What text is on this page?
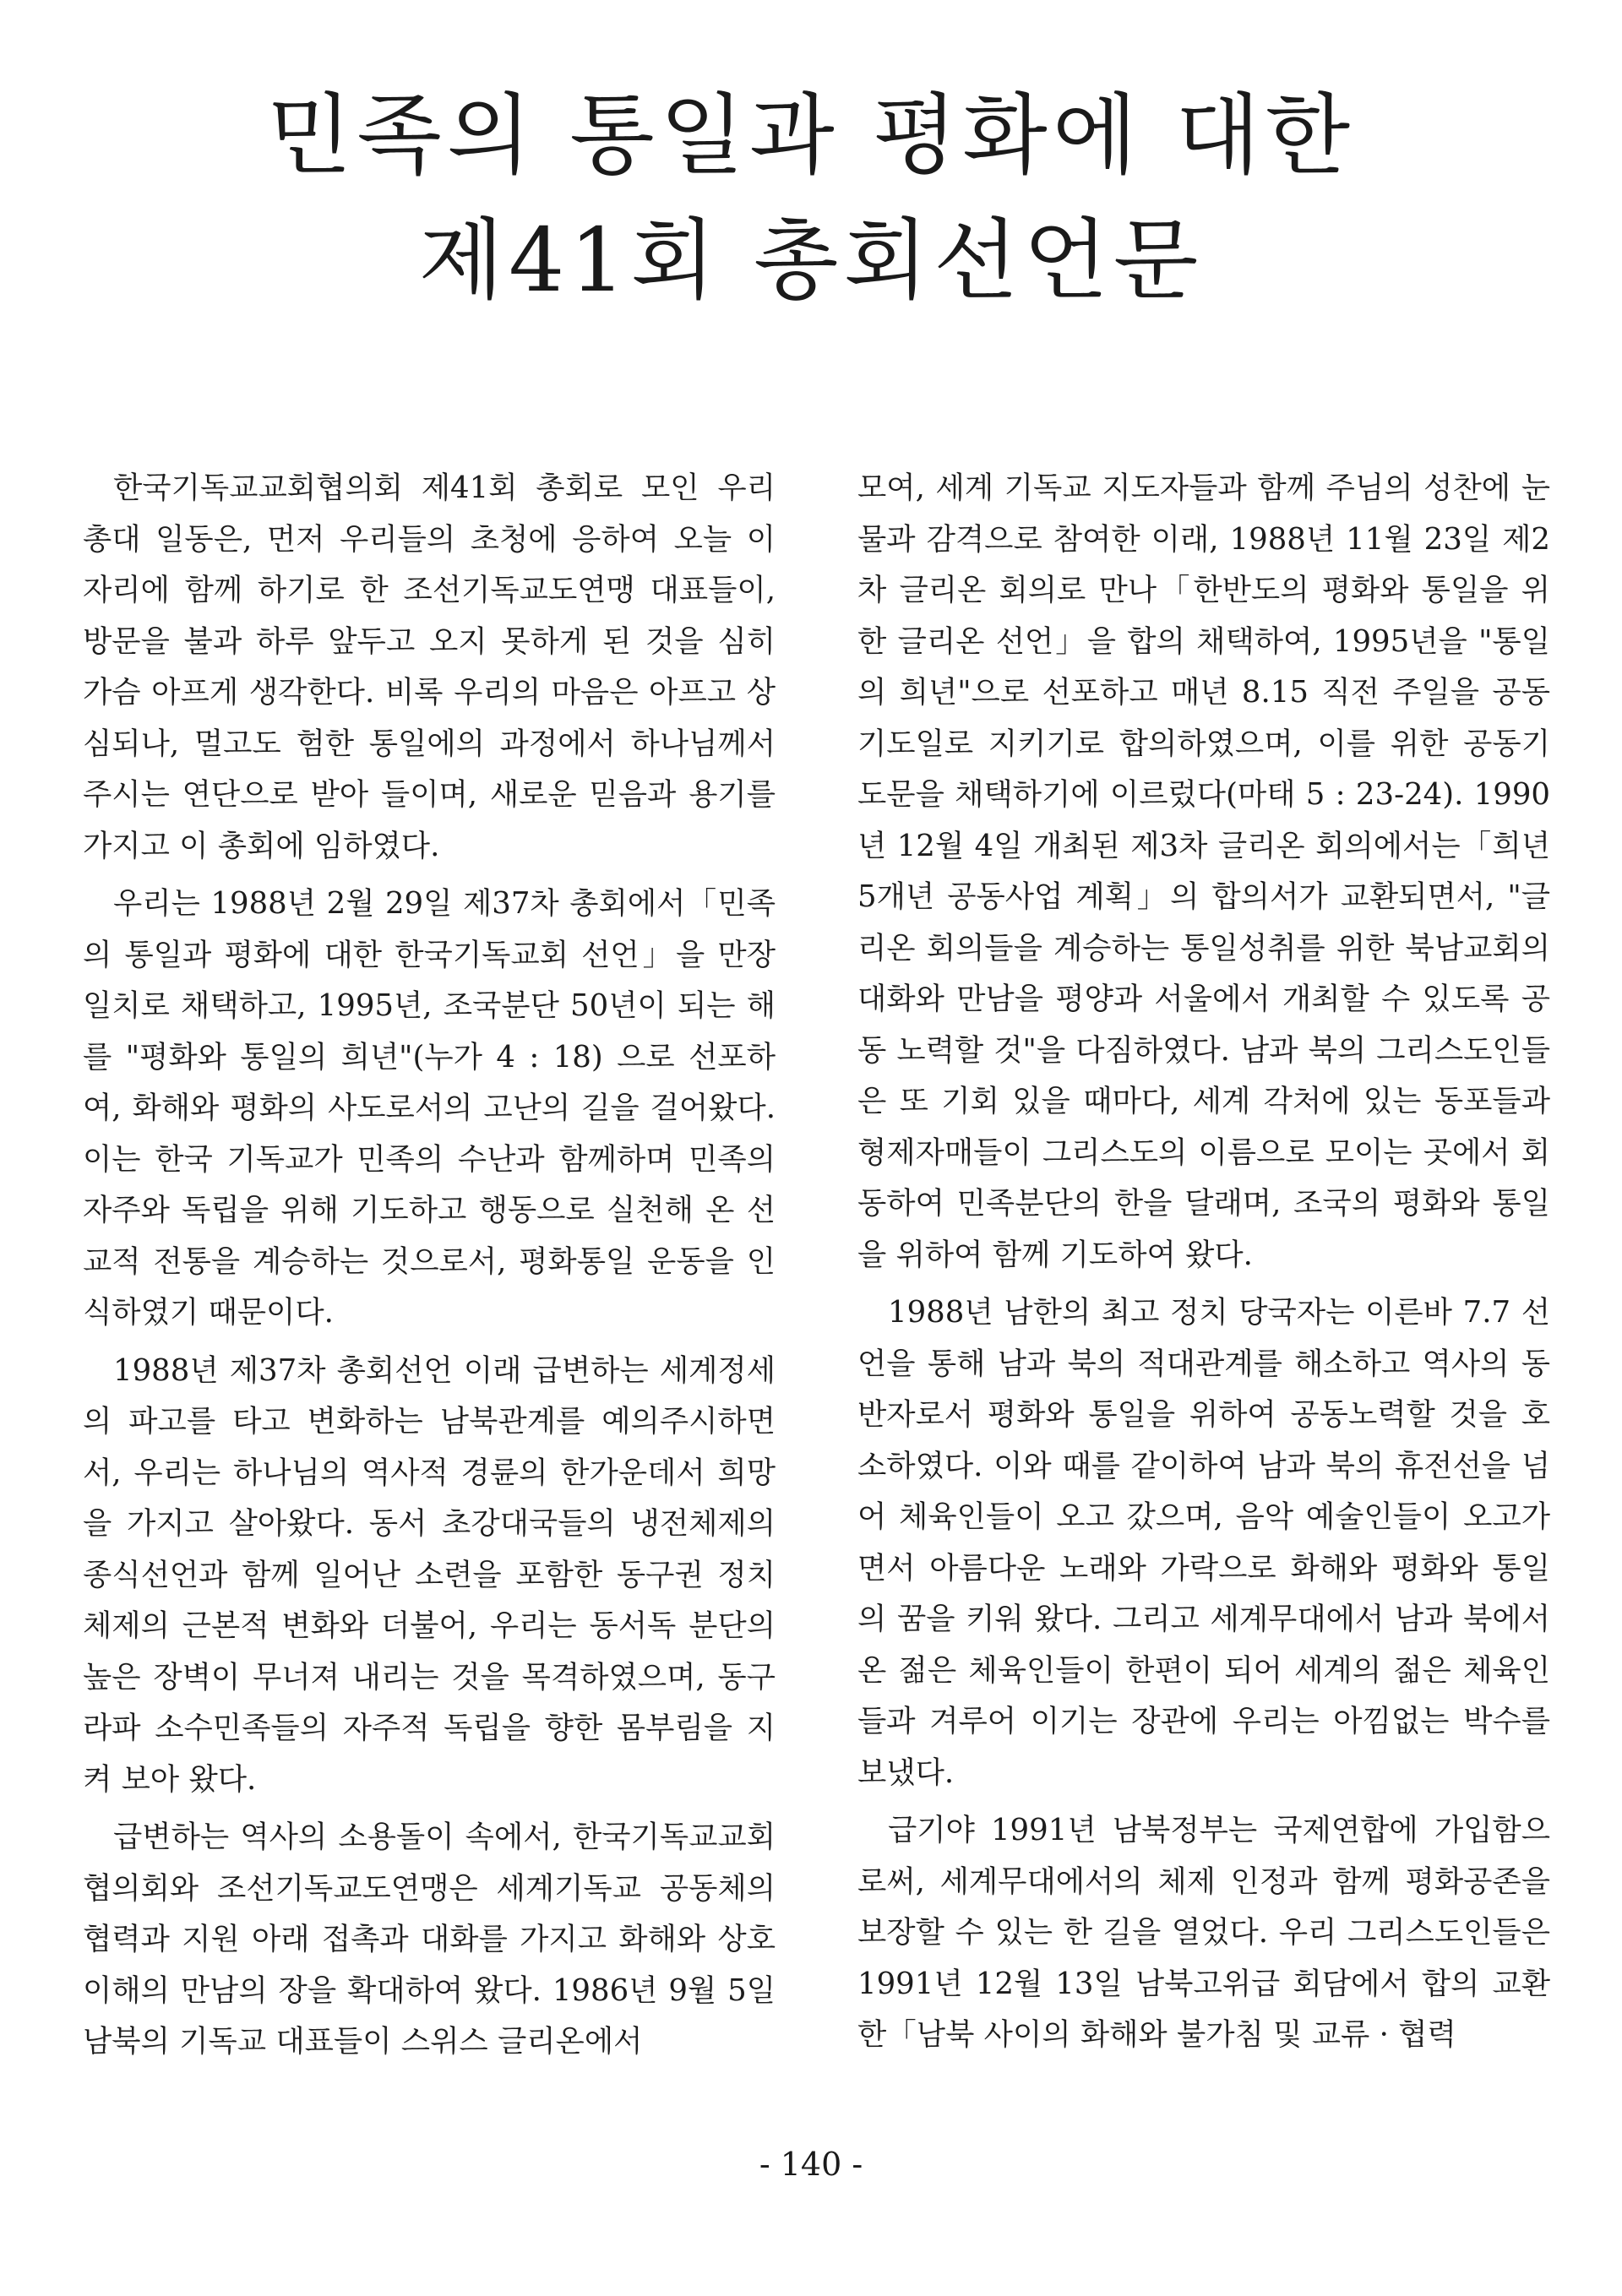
민족의 통일과 평화에 대한
제41회 총회선언문

한국기독교교회협의회 제41회 총회로 모인 우리 총대 일동은, 먼저 우리들의 초청에 응하여 오늘 이 자리에 함께 하기로 한 조선기독교도연맹 대표들이, 방문을 불과 하루 앞두고 오지 못하게 된 것을 심히 가슴 아프게 생각한다. 비록 우리의 마음은 아프고 상심되나, 멀고도 험한 통일에의 과정에서 하나님께서 주시는 연단으로 받아 들이며, 새로운 믿음과 용기를 가지고 이 총회에 임하였다.

우리는 1988년 2월 29일 제37차 총회에서「민족의 통일과 평화에 대한 한국기독교회 선언」을 만장일치로 채택하고, 1995년, 조국분단 50년이 되는 해를 "평화와 통일의 희년"(누가 4 : 18) 으로 선포하여, 화해와 평화의 사도로서의 고난의 길을 걸어왔다. 이는 한국 기독교가 민족의 수난과 함께하며 민족의 자주와 독립을 위해 기도하고 행동으로 실천해 온 선교적 전통을 계승하는 것으로서, 평화통일 운동을 인식하였기 때문이다.

1988년 제37차 총회선언 이래 급변하는 세계정세의 파고를 타고 변화하는 남북관계를 예의주시하면서, 우리는 하나님의 역사적 경륜의 한가운데서 희망을 가지고 살아왔다. 동서 초강대국들의 냉전체제의 종식선언과 함께 일어난 소련을 포함한 동구권 정치체제의 근본적 변화와 더불어, 우리는 동서독 분단의 높은 장벽이 무너져 내리는 것을 목격하였으며, 동구라파 소수민족들의 자주적 독립을 향한 몸부림을 지켜 보아 왔다.

급변하는 역사의 소용돌이 속에서, 한국기독교교회협의회와 조선기독교도연맹은 세계기독교 공동체의 협력과 지원 아래 접촉과 대화를 가지고 화해와 상호이해의 만남의 장을 확대하여 왔다. 1986년 9월 5일 남북의 기독교 대표들이 스위스 글리온에서

모여, 세계 기독교 지도자들과 함께 주님의 성찬에 눈물과 감격으로 참여한 이래, 1988년 11월 23일 제2차 글리온 회의로 만나「한반도의 평화와 통일을 위한 글리온 선언」을 합의 채택하여, 1995년을 "통일의 희년"으로 선포하고 매년 8.15 직전 주일을 공동기도일로 지키기로 합의하였으며, 이를 위한 공동기도문을 채택하기에 이르렀다(마태 5 : 23-24). 1990년 12월 4일 개최된 제3차 글리온 회의에서는「희년 5개년 공동사업 계획」의 합의서가 교환되면서, "글리온 회의들을 계승하는 통일성취를 위한 북남교회의 대화와 만남을 평양과 서울에서 개최할 수 있도록 공동 노력할 것"을 다짐하였다. 남과 북의 그리스도인들은 또 기회 있을 때마다, 세계 각처에 있는 동포들과 형제자매들이 그리스도의 이름으로 모이는 곳에서 회동하여 민족분단의 한을 달래며, 조국의 평화와 통일을 위하여 함께 기도하여 왔다.

1988년 남한의 최고 정치 당국자는 이른바 7.7 선언을 통해 남과 북의 적대관계를 해소하고 역사의 동반자로서 평화와 통일을 위하여 공동노력할 것을 호소하였다. 이와 때를 같이하여 남과 북의 휴전선을 넘어 체육인들이 오고 갔으며, 음악 예술인들이 오고가면서 아름다운 노래와 가락으로 화해와 평화와 통일의 꿈을 키워 왔다. 그리고 세계무대에서 남과 북에서 온 젊은 체육인들이 한편이 되어 세계의 젊은 체육인들과 겨루어 이기는 장관에 우리는 아낌없는 박수를 보냈다.

급기야 1991년 남북정부는 국제연합에 가입함으로써, 세계무대에서의 체제 인정과 함께 평화공존을 보장할 수 있는 한 길을 열었다. 우리 그리스도인들은 1991년 12월 13일 남북고위급 회담에서 합의 교환한「남북 사이의 화해와 불가침 및 교류 · 협력

- 140 -
